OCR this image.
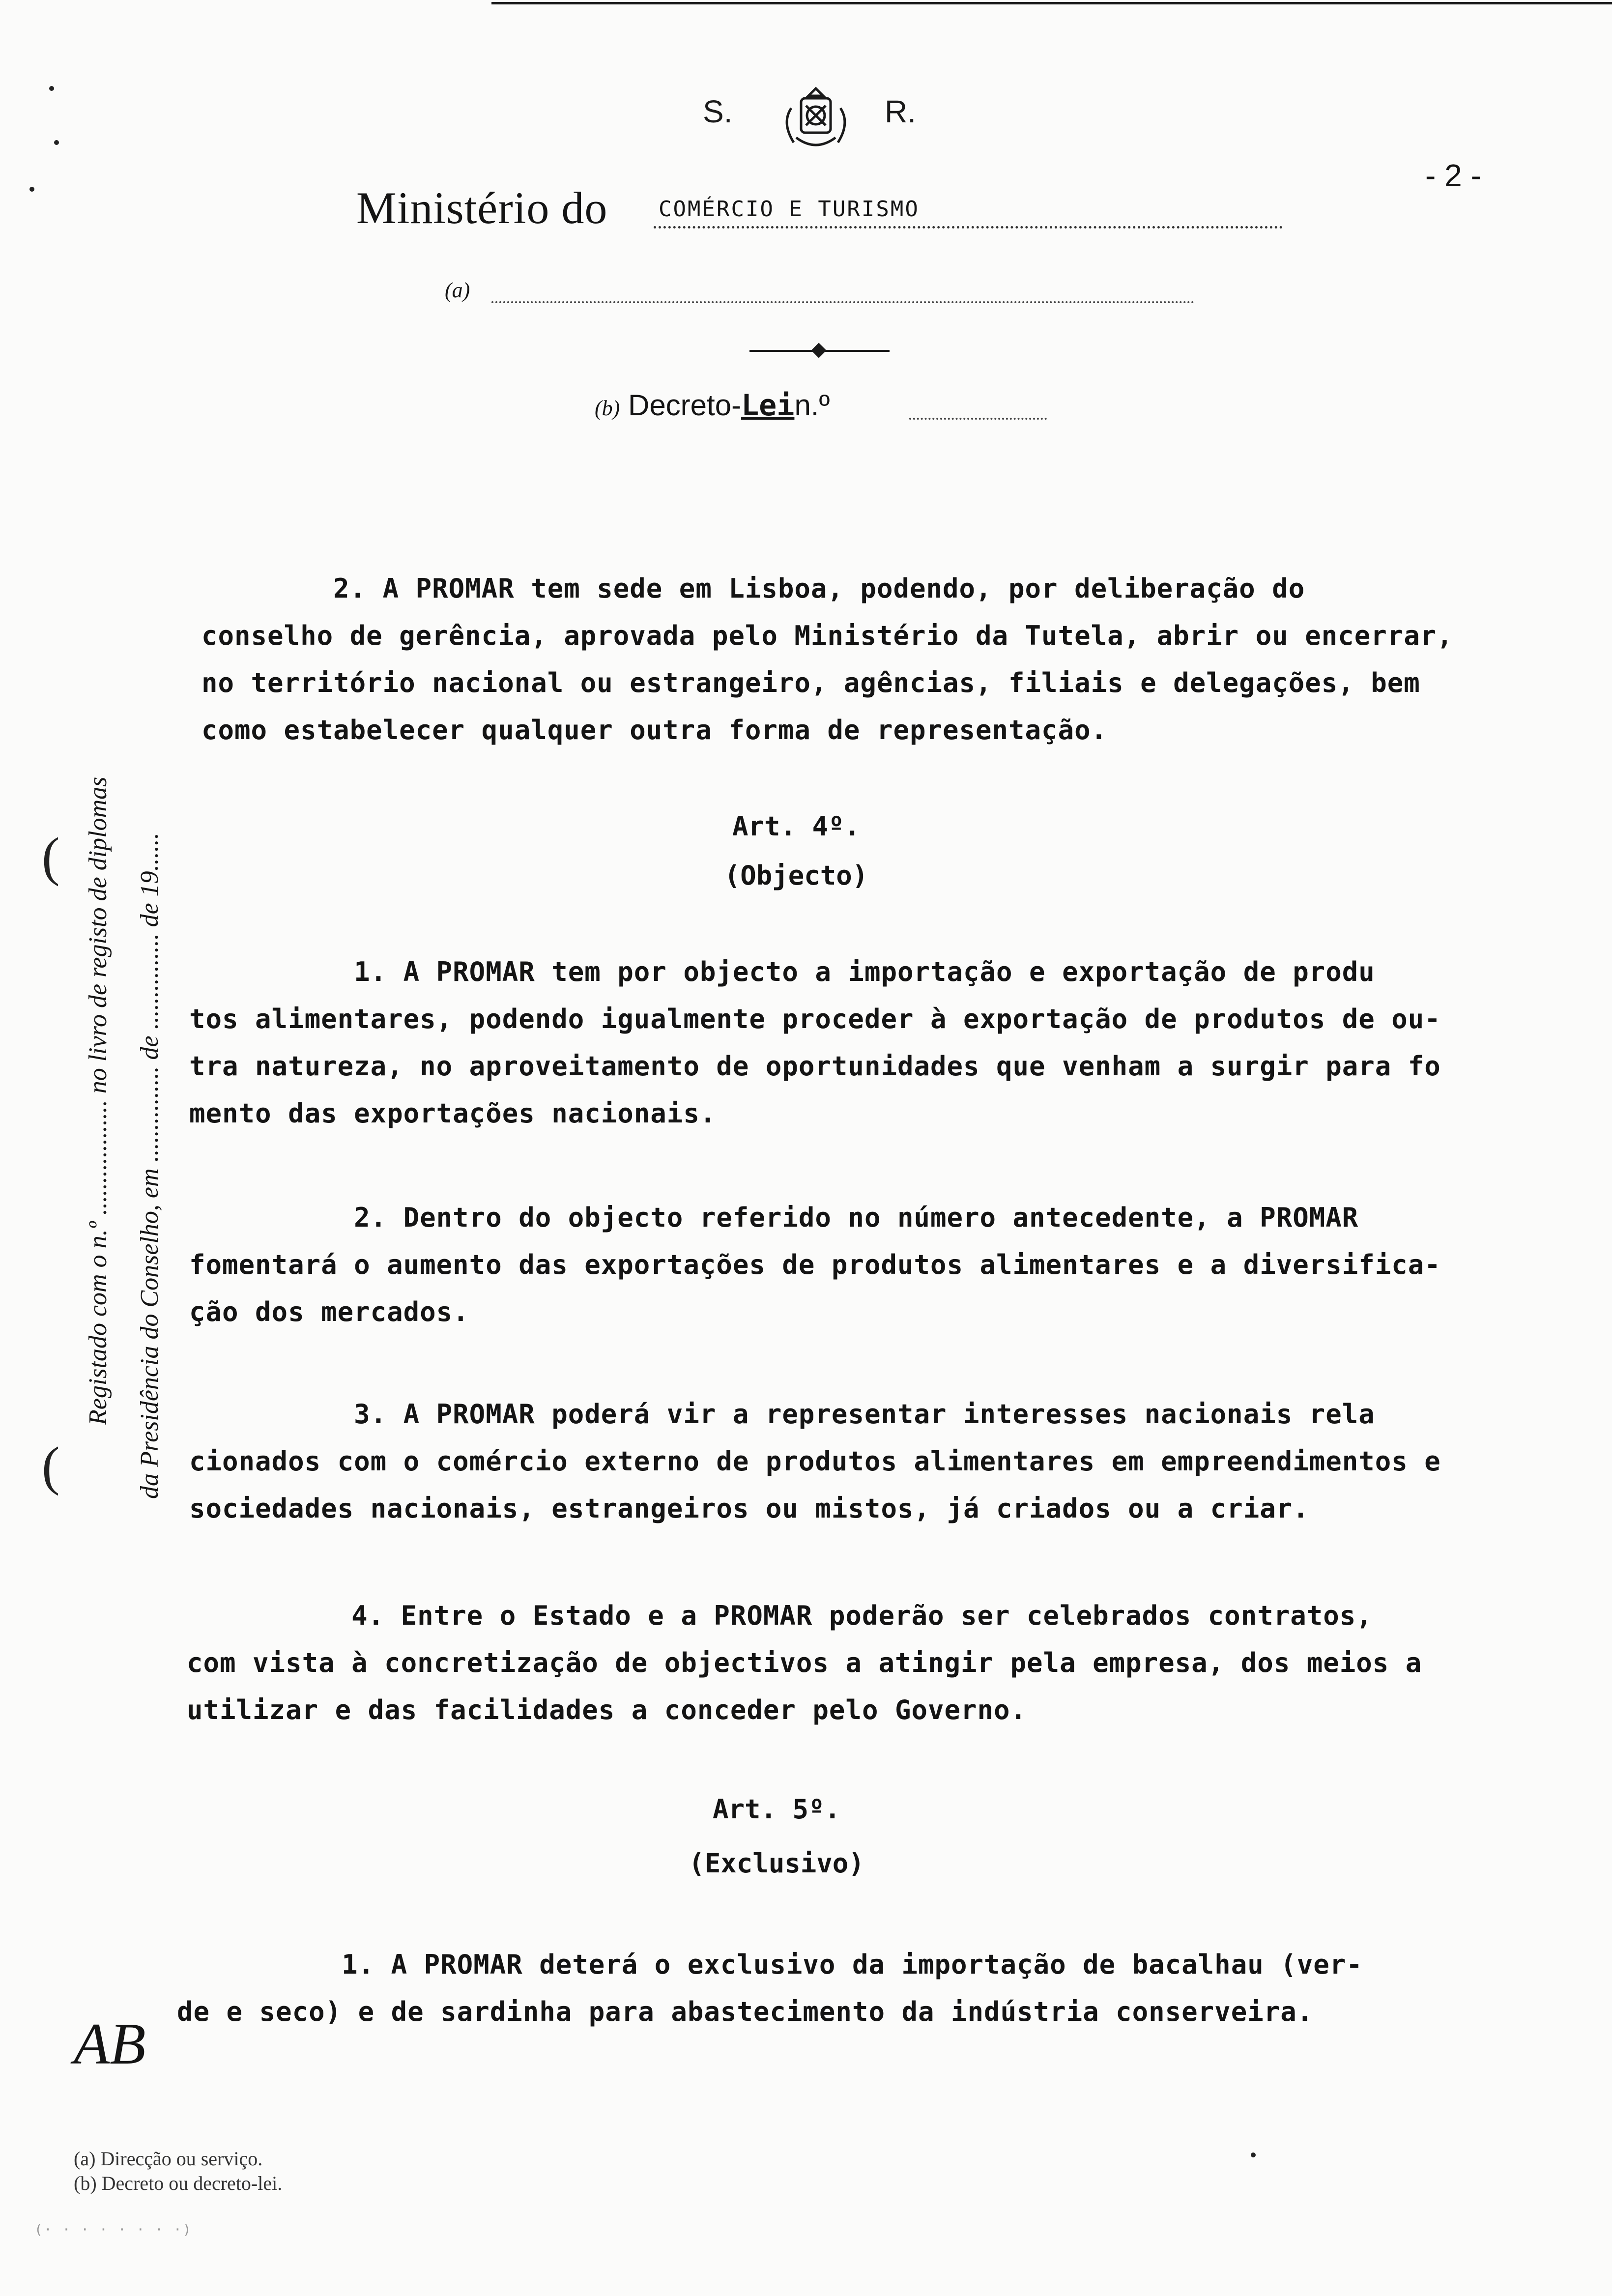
S.	R.
- 2 -
Ministério do COMÉRCIO E TURISMO
(a)
(b) Decreto-Lein.º
Registado com o n.º .................. no livro de registo de diplomas da Presidência do Conselho, em ............... de ............... de 19......
(
(

2. A PROMAR tem sede em Lisboa, podendo, por deliberação do
conselho de gerência, aprovada pelo Ministério da Tutela, abrir ou encerrar,
no território nacional ou estrangeiro, agências, filiais e delegações, bem
como estabelecer qualquer outra forma de representação.

Art. 4º.
(Objecto)

1. A PROMAR tem por objecto a importação e exportação de produ
tos alimentares, podendo igualmente proceder à exportação de produtos de ou-
tra natureza, no aproveitamento de oportunidades que venham a surgir para fo
mento das exportações nacionais.

2. Dentro do objecto referido no número antecedente, a PROMAR
fomentará o aumento das exportações de produtos alimentares e a diversifica-
ção dos mercados.

3. A PROMAR poderá vir a representar interesses nacionais rela
cionados com o comércio externo de produtos alimentares em empreendimentos e
sociedades nacionais, estrangeiros ou mistos, já criados ou a criar.

4. Entre o Estado e a PROMAR poderão ser celebrados contratos,
com vista à concretização de objectivos a atingir pela empresa, dos meios a
utilizar e das facilidades a conceder pelo Governo.

Art. 5º.
(Exclusivo)

1. A PROMAR deterá o exclusivo da importação de bacalhau (ver-
de e seco) e de sardinha para abastecimento da indústria conserveira.

AB
(a) Direcção ou serviço.
(b) Decreto ou decreto-lei.
(· · · · · · · ·)
